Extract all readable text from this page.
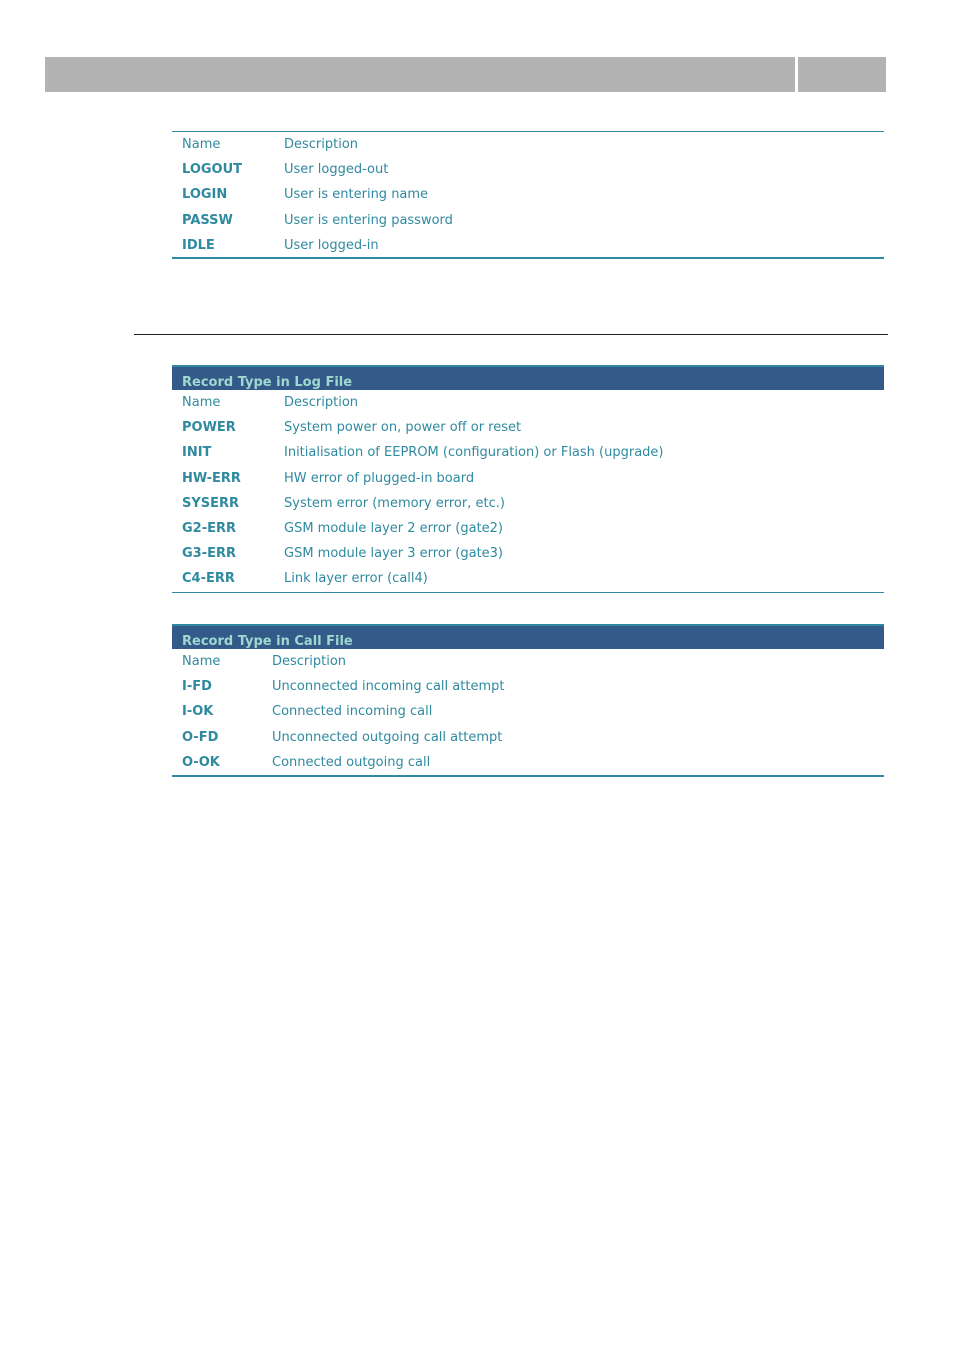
Name	Description
LOGOUT	User logged-out
LOGIN	User is entering name
PASSW	User is entering password
IDLE	User logged-in
Record Type in Log File
Name	Description
POWER	System power on, power off or reset
INIT	Initialisation of EEPROM (configuration) or Flash (upgrade)
HW-ERR	HW error of plugged-in board
SYSERR	System error (memory error, etc.)
G2-ERR	GSM module layer 2 error (gate2)
G3-ERR	GSM module layer 3 error (gate3)
C4-ERR	Link layer error (call4)
Record Type in Call File
Name	Description
I-FD	Unconnected incoming call attempt
I-OK	Connected incoming call
O-FD	Unconnected outgoing call attempt
O-OK	Connected outgoing call
